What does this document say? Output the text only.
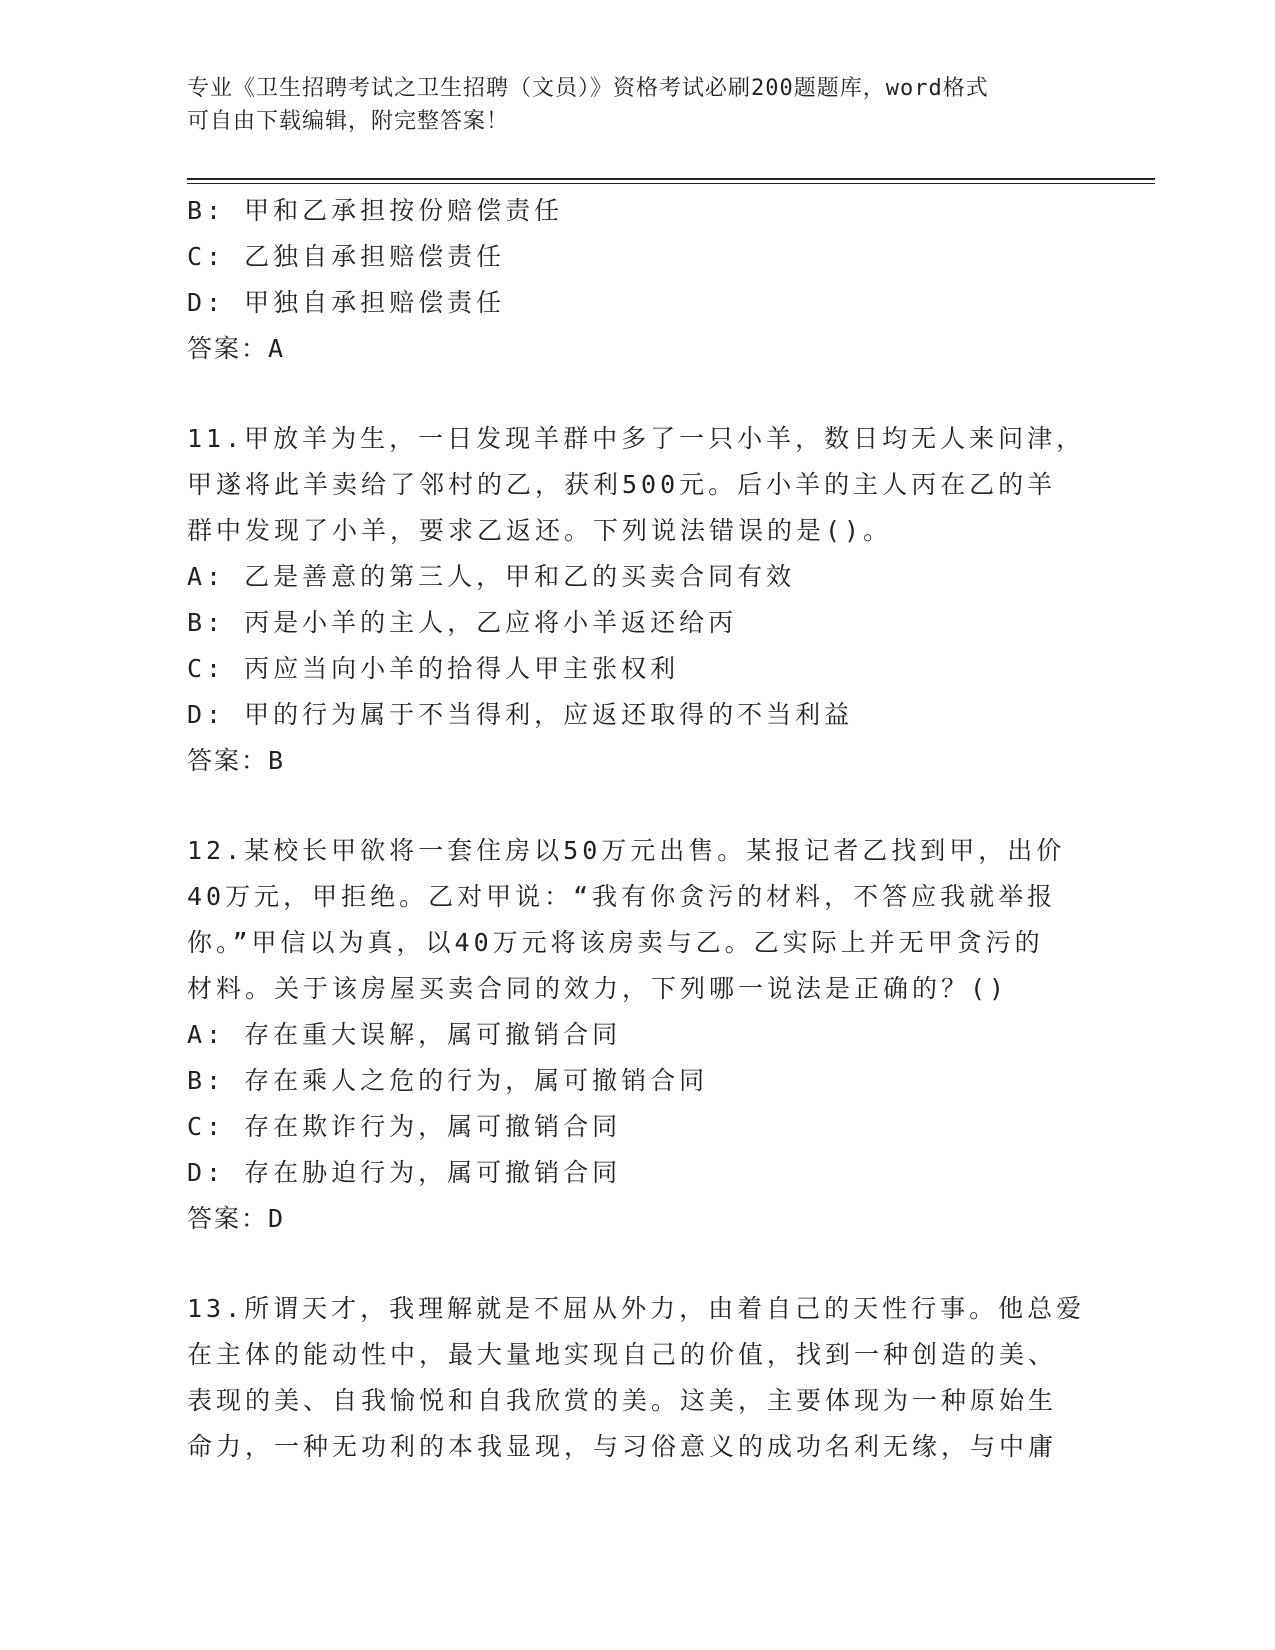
专业《卫生招聘考试之卫生招聘（文员）》资格考试必刷200题题库，word格式
可自由下载编辑，附完整答案！
B: 甲和乙承担按份赔偿责任
C: 乙独自承担赔偿责任
D: 甲独自承担赔偿责任
答案：A
11.甲放羊为生，一日发现羊群中多了一只小羊，数日均无人来问津，
甲遂将此羊卖给了邻村的乙，获利500元。后小羊的主人丙在乙的羊
群中发现了小羊，要求乙返还。下列说法错误的是()。
A: 乙是善意的第三人，甲和乙的买卖合同有效
B: 丙是小羊的主人，乙应将小羊返还给丙
C: 丙应当向小羊的拾得人甲主张权利
D: 甲的行为属于不当得利，应返还取得的不当利益
答案：B
12.某校长甲欲将一套住房以50万元出售。某报记者乙找到甲，出价
40万元，甲拒绝。乙对甲说：“我有你贪污的材料，不答应我就举报
你。”甲信以为真，以40万元将该房卖与乙。乙实际上并无甲贪污的
材料。关于该房屋买卖合同的效力，下列哪一说法是正确的？()
A: 存在重大误解，属可撤销合同
B: 存在乘人之危的行为，属可撤销合同
C: 存在欺诈行为，属可撤销合同
D: 存在胁迫行为，属可撤销合同
答案：D
13.所谓天才，我理解就是不屈从外力，由着自己的天性行事。他总爱
在主体的能动性中，最大量地实现自己的价值，找到一种创造的美、
表现的美、自我愉悦和自我欣赏的美。这美，主要体现为一种原始生
命力，一种无功利的本我显现，与习俗意义的成功名利无缘，与中庸
